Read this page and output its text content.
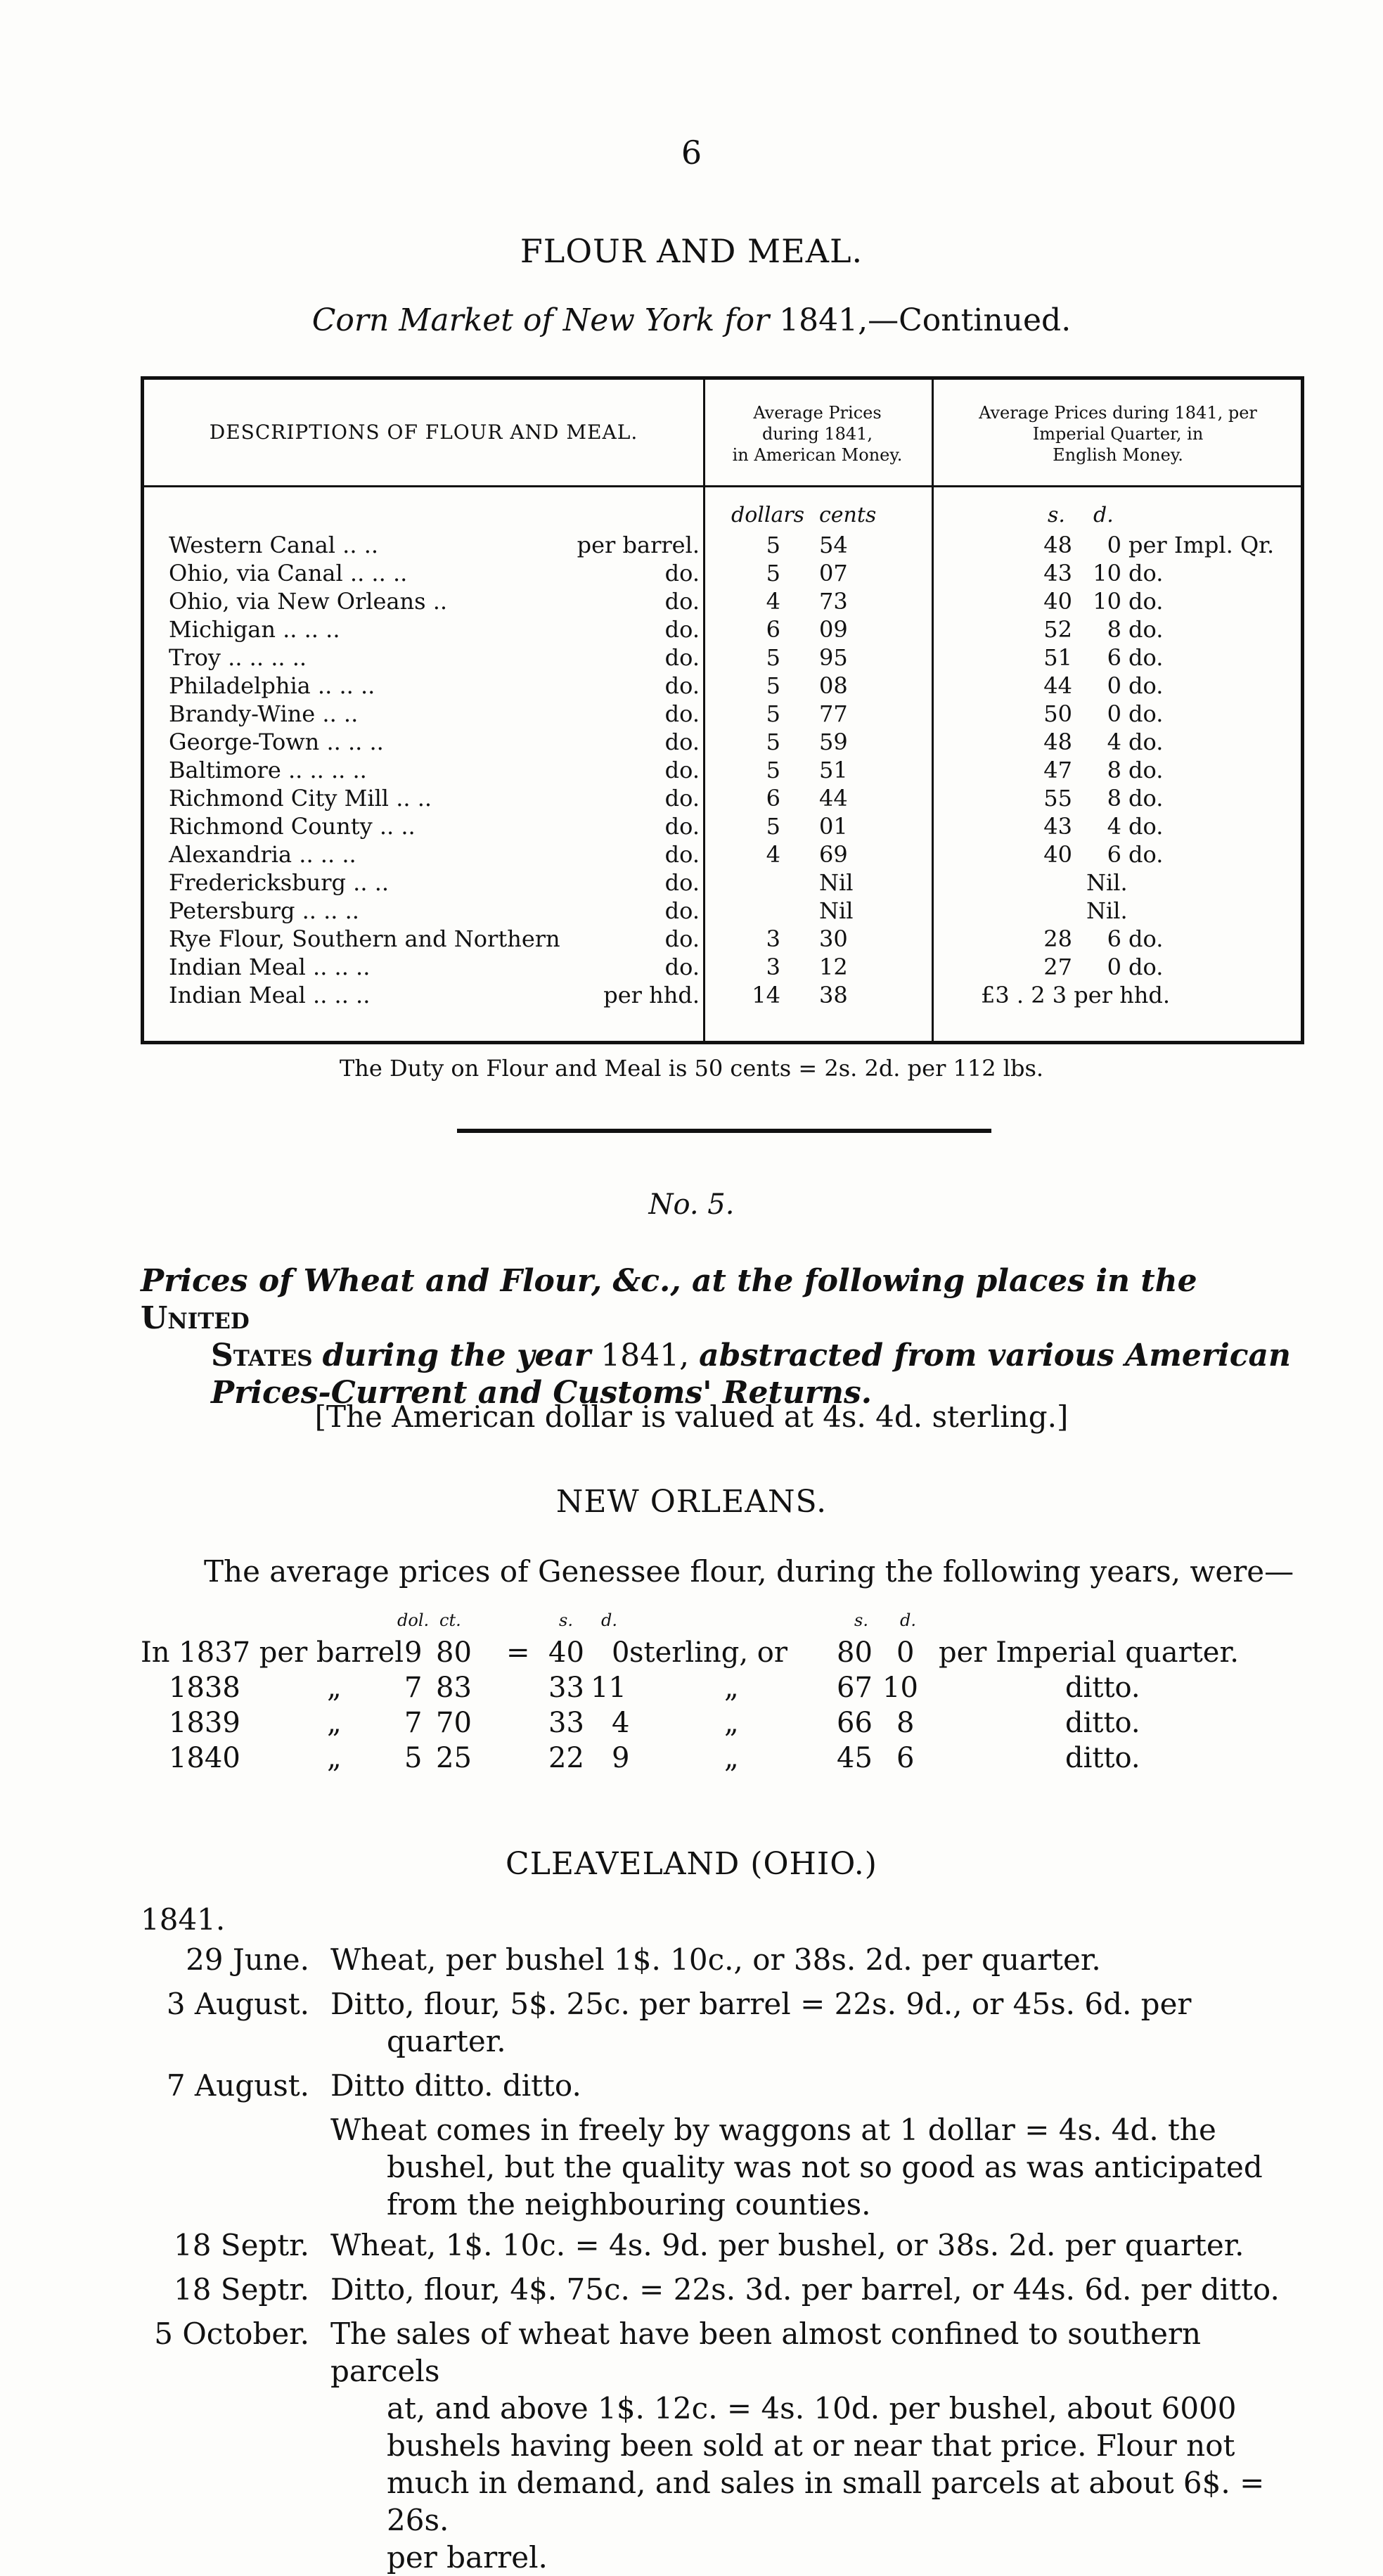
6
FLOUR AND MEAL.
Corn Market of New York for 1841,—Continued.
DESCRIPTIONS OF FLOUR AND MEAL.
Average Prices
during 1841,
in American Money.
Average Prices during 1841, per
Imperial Quarter, in
English Money.
dollars cents	s. d.
Western Canal .. ..	per barrel.	5 54	48	0 per Impl. Qr.
Ohio, via Canal .. .. ..	do.	5 07	43 10 do.
Ohio, via New Orleans ..	do.	4 73	40 10 do.
Michigan .. .. ..	do.	6 09	52	8 do.
Troy .. .. .. ..	do.	5 95	51	6 do.
Philadelphia .. .. ..	do.	5 08	44	0 do.
Brandy-Wine .. ..	do.	5 77	50	0 do.
George-Town .. .. ..	do.	5 59	48	4 do.
Baltimore .. .. .. ..	do.	5 51	47	8 do.
Richmond City Mill .. ..	do.	6 44	55	8 do.
Richmond County .. ..	do.	5 01	43	4 do.
Alexandria .. .. ..	do.	4 69	40	6 do.
Fredericksburg .. ..	do.	Nil	Nil.
Petersburg .. .. ..	do.	Nil	Nil.
Rye Flour, Southern and Northern	do.	3 30	28	6 do.
Indian Meal .. .. ..	do.	3 12	27	0 do.
Indian Meal .. .. ..	per hhd.	14 38	£3 . 2 3 per hhd.
The Duty on Flour and Meal is 50 cents = 2s. 2d. per 112 lbs.
No. 5.
Prices of Wheat and Flour, &c., at the following places in the United
States during the year 1841, abstracted from various American
Prices-Current and Customs' Returns.
[The American dollar is valued at 4s. 4d. sterling.]
NEW ORLEANS.
The average prices of Genessee flour, during the following years, were—
dol. ct.	s. d.	s. d.
In 1837 per barrel 9 80 = 40 0 sterling, or 80 0 per Imperial quarter.
1838	„ 7 83	33 11	„	67 10	ditto.
1839	„ 7 70	33 4	„	66 8	ditto.
1840	„ 5 25	22 9	„	45 6	ditto.
CLEAVELAND (OHIO.)
1841.
29 June. Wheat, per bushel 1$. 10c., or 38s. 2d. per quarter.
3 August. Ditto, flour, 5$. 25c. per barrel = 22s. 9d., or 45s. 6d. per
quarter.
7 August. Ditto ditto. ditto.
Wheat comes in freely by waggons at 1 dollar = 4s. 4d. the
bushel, but the quality was not so good as was anticipated
from the neighbouring counties.
18 Septr. Wheat, 1$. 10c. = 4s. 9d. per bushel, or 38s. 2d. per quarter.
18 Septr. Ditto, flour, 4$. 75c. = 22s. 3d. per barrel, or 44s. 6d. per ditto.
5 October. The sales of wheat have been almost confined to southern parcels
at, and above 1$. 12c. = 4s. 10d. per bushel, about 6000
bushels having been sold at or near that price. Flour not
much in demand, and sales in small parcels at about 6$. = 26s.
per barrel.
